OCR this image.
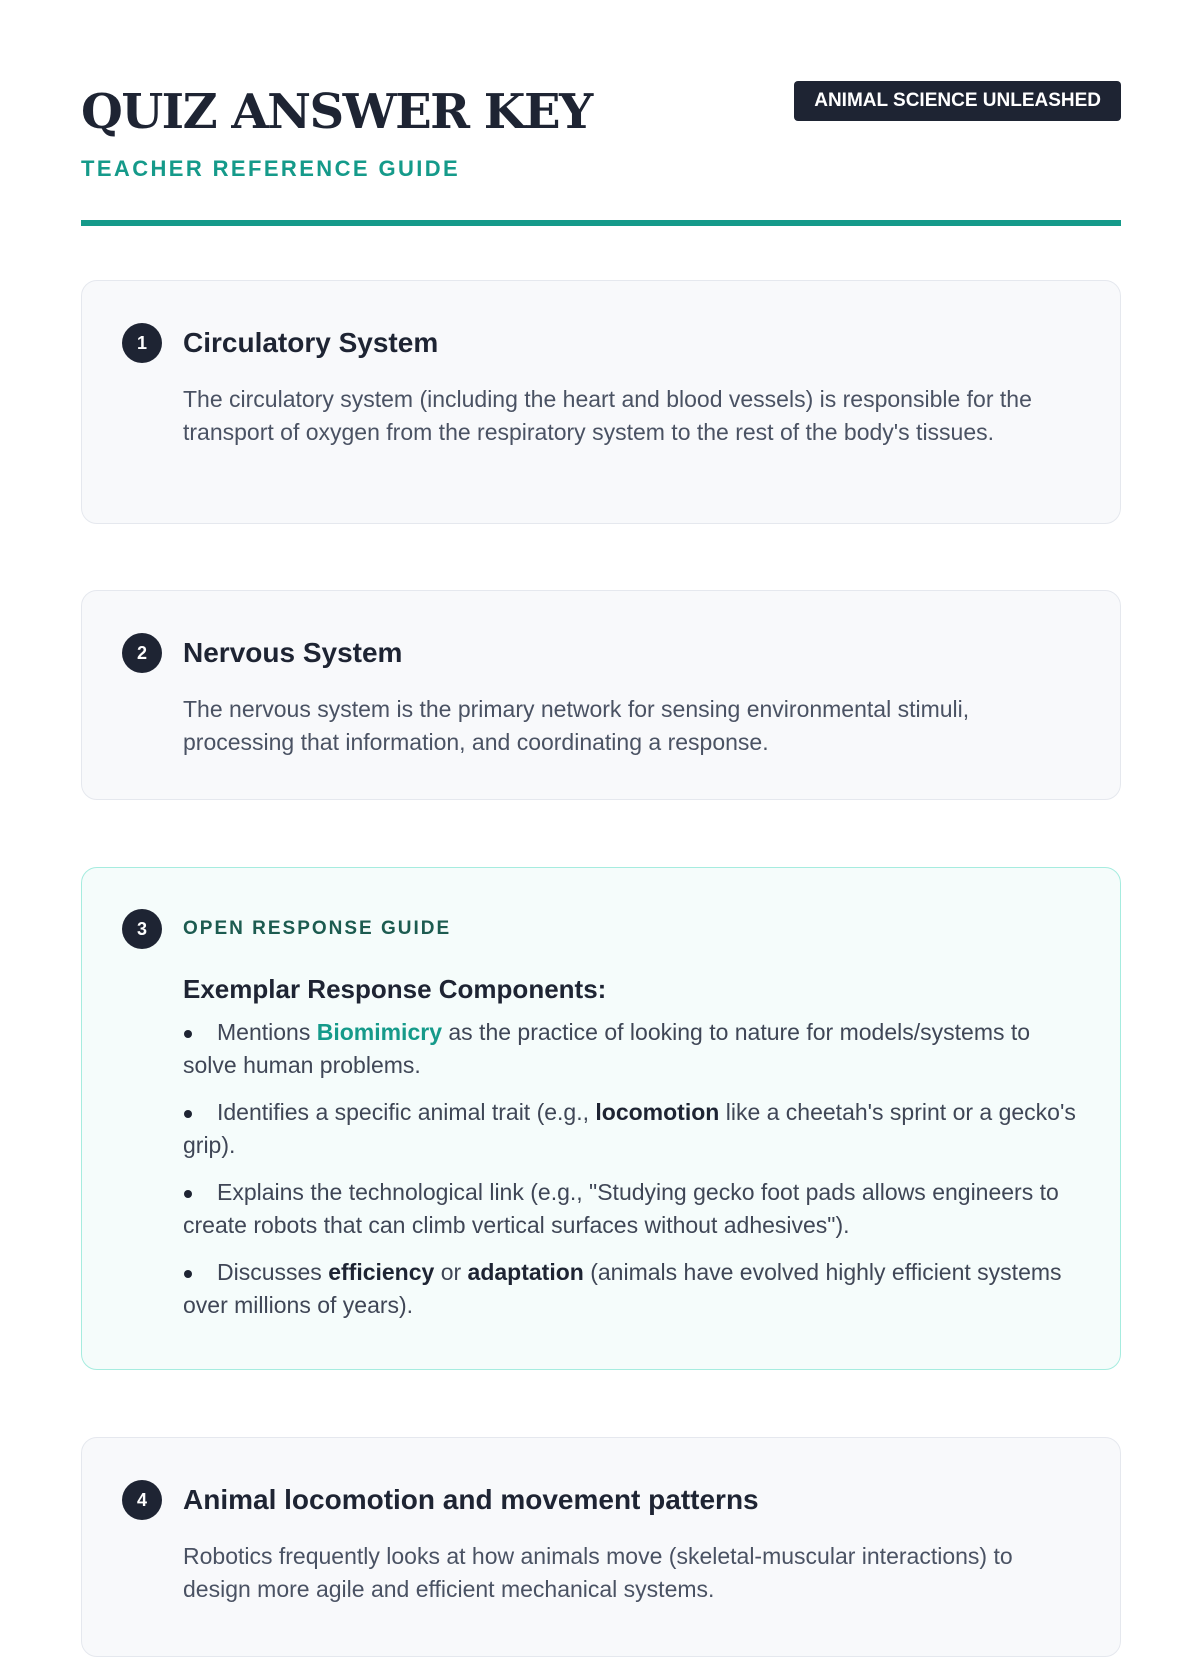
QUIZ ANSWER KEY
TEACHER REFERENCE GUIDE
ANIMAL SCIENCE UNLEASHED
1	Circulatory System
The circulatory system (including the heart and blood vessels) is responsible for the transport of oxygen from the respiratory system to the rest of the body's tissues.
2	Nervous System
The nervous system is the primary network for sensing environmental stimuli, processing that information, and coordinating a response.
3	OPEN RESPONSE GUIDE
Exemplar Response Components:
Mentions Biomimicry as the practice of looking to nature for models/systems to solve human problems.
Identifies a specific animal trait (e.g., locomotion like a cheetah's sprint or a gecko's grip).
Explains the technological link (e.g., "Studying gecko foot pads allows engineers to create robots that can climb vertical surfaces without adhesives").
Discusses efficiency or adaptation (animals have evolved highly efficient systems over millions of years).
4	Animal locomotion and movement patterns
Robotics frequently looks at how animals move (skeletal-muscular interactions) to design more agile and efficient mechanical systems.
